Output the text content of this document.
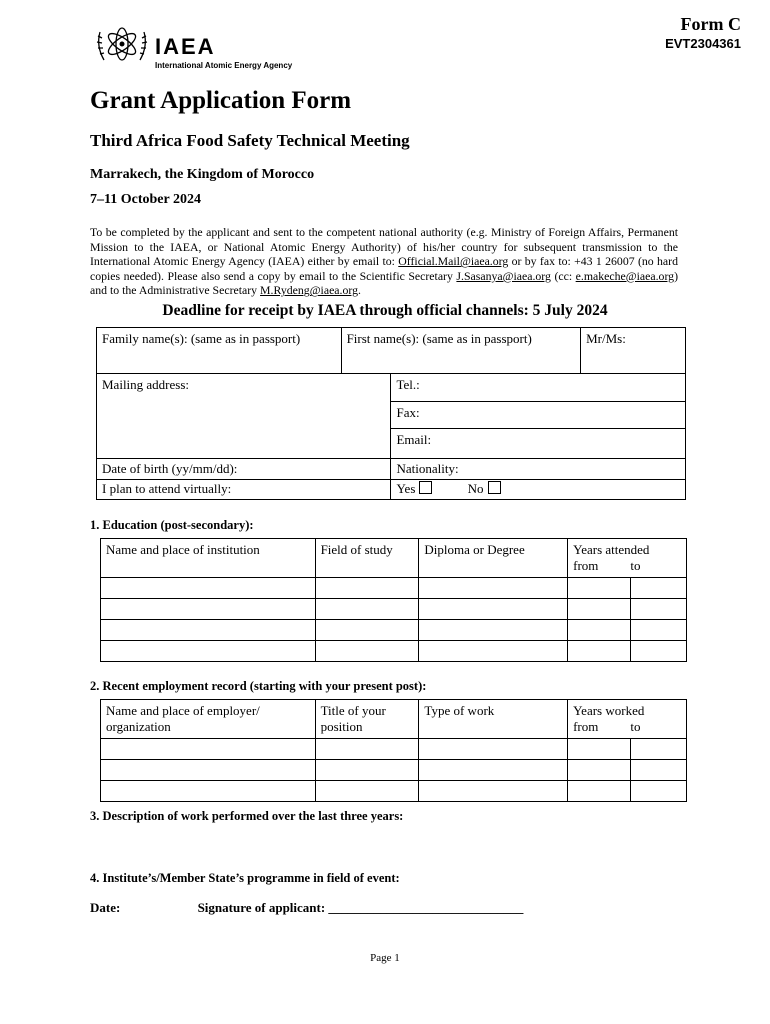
IAEA
International Atomic Energy Agency
Form C
EVT2304361
Grant Application Form
Third Africa Food Safety Technical Meeting
Marrakech, the Kingdom of Morocco
7–11 October 2024
To be completed by the applicant and sent to the competent national authority (e.g. Ministry of Foreign Affairs, Permanent Mission to the IAEA, or National Atomic Energy Authority) of his/her country for subsequent transmission to the International Atomic Energy Agency (IAEA) either by email to: Official.Mail@iaea.org or by fax to: +43 1 26007 (no hard copies needed). Please also send a copy by email to the Scientific Secretary J.Sasanya@iaea.org (cc: e.makeche@iaea.org) and to the Administrative Secretary M.Rydeng@iaea.org.
Deadline for receipt by IAEA through official channels: 5 July 2024
Family name(s): (same as in passport)	First name(s): (same as in passport)		Mr/Ms:
Mailing address:		Tel.:	
		Fax:	
		Email:	
Date of birth (yy/mm/dd):		Nationality:	
I plan to attend virtually:		Yes No	
1. Education (post-secondary):
Name and place of institution	Field of study	Diploma or Degree	Years attended
from to	

2. Recent employment record (starting with your present post):
Name and place of employer/ organization	Title of your position	Type of work	Years worked
from to	

3. Description of work performed over the last three years:
4. Institute’s/Member State’s programme in field of event:
Date:	Signature of applicant: ______________________________
Page 1
